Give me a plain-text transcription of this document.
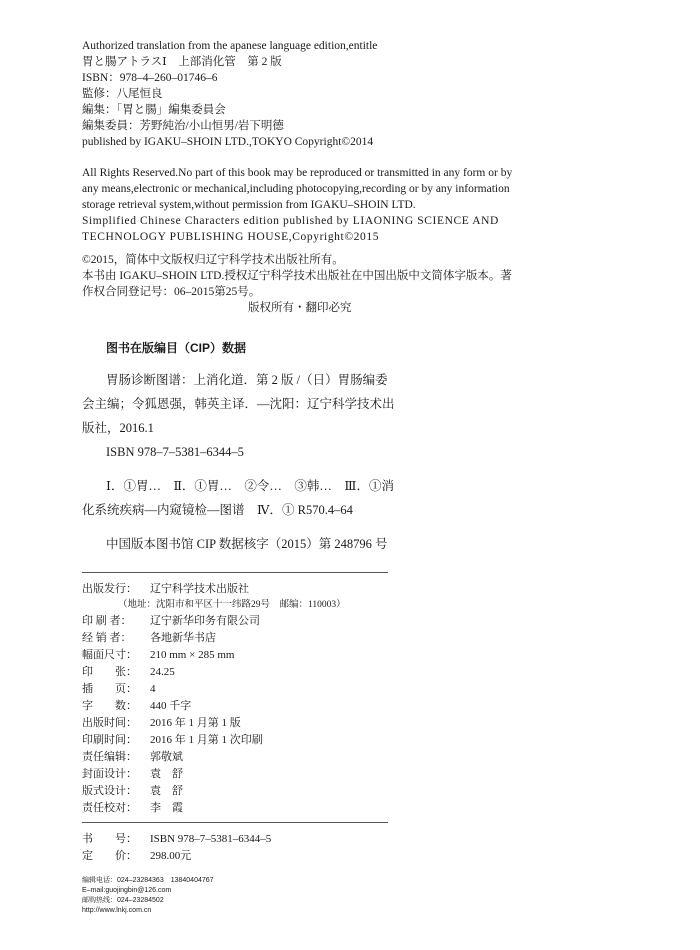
Authorized translation from the apanese language edition,entitle
胃と腸アトラスⅠ　上部消化管　第 2 版
ISBN：978–4–260–01746–6
監修：八尾恒良
編集：「胃と腸」編集委員会
編集委員：芳野純治/小山恒男/岩下明德
published by IGAKU–SHOIN LTD.,TOKYO Copyright©2014
All Rights Reserved.No part of this book may be reproduced or transmitted in any form or by
any means,electronic or mechanical,including photocopying,recording or by any information
storage retrieval system,without permission from IGAKU–SHOIN LTD.
Simplified Chinese Characters edition published by LIAONING SCIENCE AND
TECHNOLOGY PUBLISHING HOUSE,Copyright©2015
©2015，简体中文版权归辽宁科学技术出版社所有。
本书由 IGAKU–SHOIN LTD.授权辽宁科学技术出版社在中国出版中文简体字版本。著
作权合同登记号：06–2015第25号。
版权所有・翻印必究
图书在版编目（CIP）数据
胃肠诊断图谱：上消化道．第 2 版 /（日）胃肠编委
会主编；令狐恩强，韩英主译．—沈阳：辽宁科学技术出
版社，2016.1
ISBN 978–7–5381–6344–5
Ⅰ．①胃…　Ⅱ．①胃…　②令…　③韩…　Ⅲ．①消
化系统疾病—内窥镜检—图谱　Ⅳ．① R570.4–64
中国版本图书馆 CIP 数据核字（2015）第 248796 号
出版发行： 辽宁科学技术出版社
（地址：沈阳市和平区十一纬路29号　邮编：110003）
印 刷 者： 辽宁新华印务有限公司
经 销 者： 各地新华书店
幅面尺寸： 210 mm × 285 mm
印　　张： 24.25
插　　页： 4
字　　数： 440 千字
出版时间： 2016 年 1 月第 1 版
印刷时间： 2016 年 1 月第 1 次印刷
责任编辑： 郭敬斌
封面设计： 袁　舒
版式设计： 袁　舒
责任校对： 李　霞
书　　号： ISBN 978–7–5381–6344–5
定　　价： 298.00元
编辑电话：024–23284363　13840404767
E–mail:guojingbin@126.com
邮购热线：024–23284502
http://www.lnkj.com.cn
